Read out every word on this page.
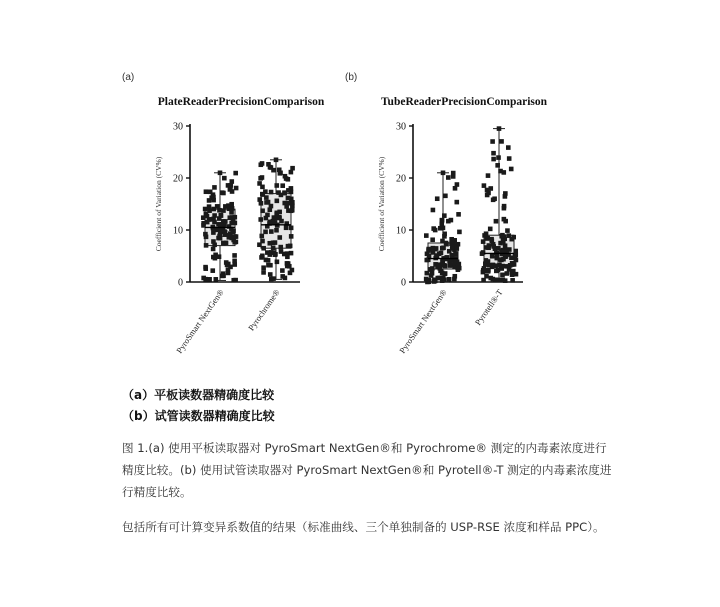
(a)
PlateReaderPrecisionComparison
Coefficient of Variation (CV%)
0
10
20
30
PyroSmart NextGen® Pyrochrome®
(b)
TubeReaderPrecisionComparison
Coefficient of Variation (CV%)
0
10
20
30
PyroSmart NextGen®	Pyrotell®-T
（a）平板读数器精确度比较
（b）试管读数器精确度比较
图 1.(a) 使用平板读取器对 PyroSmart NextGen®和 Pyrochrome® 测定的内毒素浓度进行精度比较。(b) 使用试管读取器对 PyroSmart NextGen®和 Pyrotell®-T 测定的内毒素浓度进行精度比较。
包括所有可计算变异系数值的结果（标准曲线、三个单独制备的 USP-RSE 浓度和样品 PPC）。
